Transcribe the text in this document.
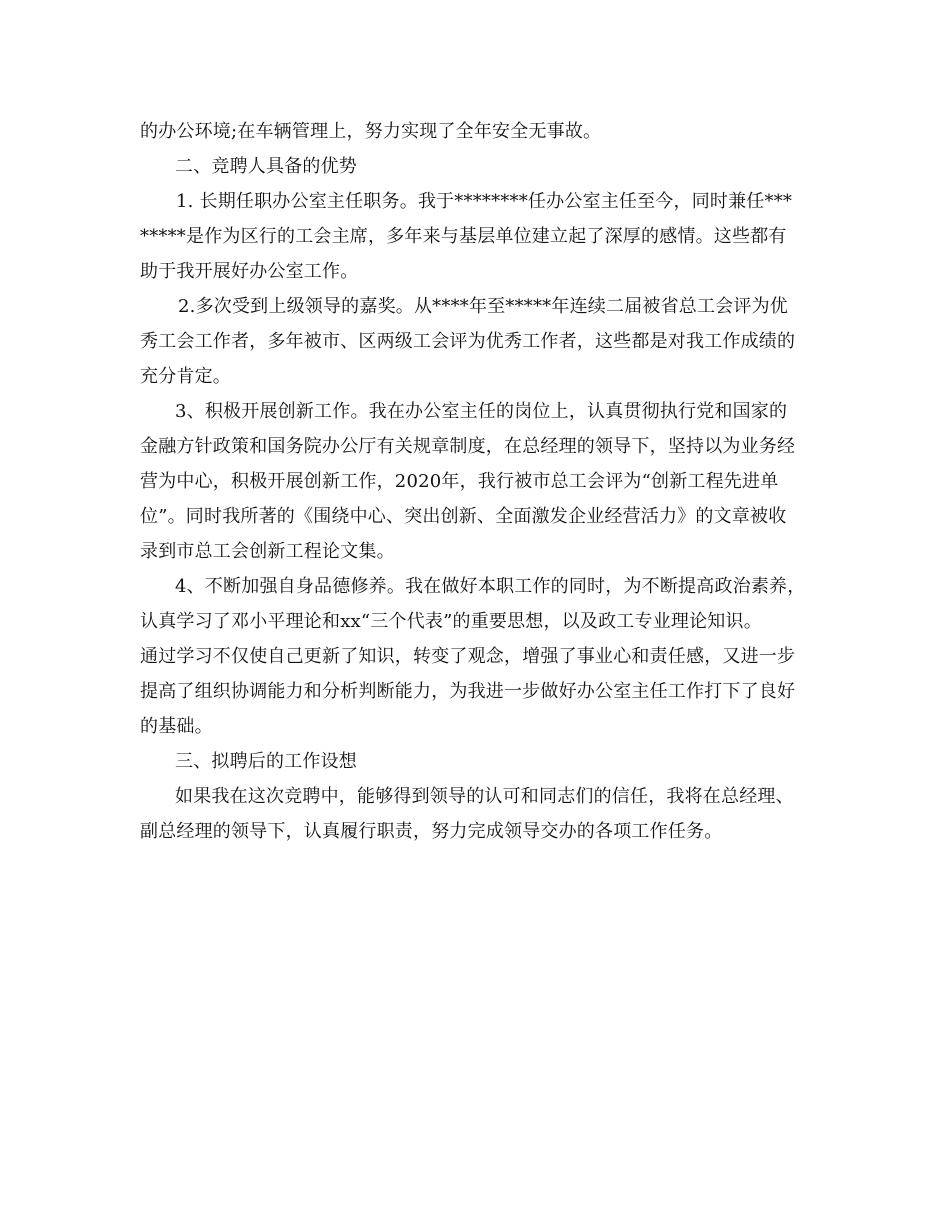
的办公环境;在车辆管理上，努力实现了全年安全无事故。
二、竞聘人具备的优势
1. 长期任职办公室主任职务。我于********任办公室主任至今，同时兼任***
*****是作为区行的工会主席，多年来与基层单位建立起了深厚的感情。这些都有
助于我开展好办公室工作。
2.多次受到上级领导的嘉奖。从****年至*****年连续二届被省总工会评为优
秀工会工作者，多年被市、区两级工会评为优秀工作者，这些都是对我工作成绩的
充分肯定。
3、积极开展创新工作。我在办公室主任的岗位上，认真贯彻执行党和国家的
金融方针政策和国务院办公厅有关规章制度，在总经理的领导下，坚持以为业务经
营为中心，积极开展创新工作，2020年，我行被市总工会评为“创新工程先进单
位”。同时我所著的《围绕中心、突出创新、全面激发企业经营活力》的文章被收
录到市总工会创新工程论文集。
4、不断加强自身品德修养。我在做好本职工作的同时，为不断提高政治素养，
认真学习了邓小平理论和xx“三个代表”的重要思想，以及政工专业理论知识。
通过学习不仅使自己更新了知识，转变了观念，增强了事业心和责任感，又进一步
提高了组织协调能力和分析判断能力，为我进一步做好办公室主任工作打下了良好
的基础。
三、拟聘后的工作设想
如果我在这次竞聘中，能够得到领导的认可和同志们的信任，我将在总经理、
副总经理的领导下，认真履行职责，努力完成领导交办的各项工作任务。
